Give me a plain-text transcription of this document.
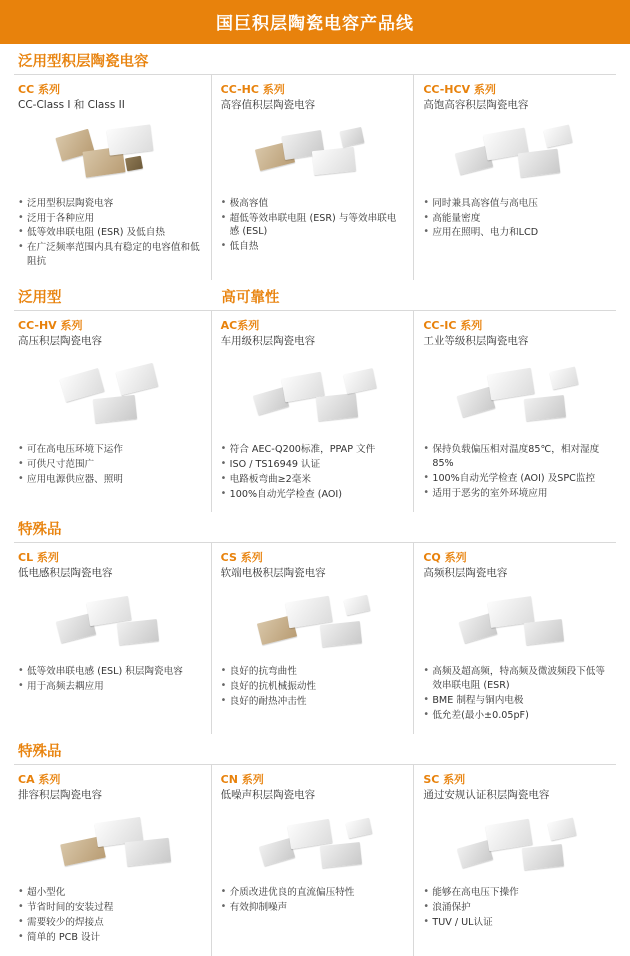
国巨积层陶瓷电容产品线
泛用型积层陶瓷电容
CC 系列
CC-Class I 和 Class II
• 泛用型积层陶瓷电容
• 泛用于各种应用
• 低等效串联电阻 (ESR) 及低自热
• 在广泛频率范围内具有稳定的电容值和低阻抗
CC-HC 系列
高容值积层陶瓷电容
• 极高容值
• 超低等效串联电阻 (ESR) 与等效串联电感 (ESL)
• 低自热
CC-HCV 系列
高饱高容积层陶瓷电容
• 同时兼具高容值与高电压
• 高能量密度
• 应用在照明、电力和LCD
泛用型	高可靠性
CC-HV 系列
高压积层陶瓷电容
• 可在高电压环境下运作
• 可供尺寸范围广
• 应用电源供应器、照明
AC系列
车用级积层陶瓷电容
• 符合 AEC-Q200标准，PPAP 文件
• ISO / TS16949 认证
• 电路板弯曲≥2毫米
• 100%自动光学检查 (AOI)
CC-IC 系列
工业等级积层陶瓷电容
• 保持负载偏压相对温度85℃，相对湿度85%
• 100%自动光学检查 (AOI) 及SPC监控
• 适用于恶劣的室外环境应用
特殊品
CL 系列
低电感积层陶瓷电容
• 低等效串联电感 (ESL) 积层陶瓷电容
• 用于高频去耦应用
CS 系列
软端电极积层陶瓷电容
• 良好的抗弯曲性
• 良好的抗机械振动性
• 良好的耐热冲击性
CQ 系列
高频积层陶瓷电容
• 高频及超高频，特高频及微波频段下低等效串联电阻 (ESR)
• BME 制程与铜内电极
• 低允差(最小±0.05pF)
特殊品
CA 系列
排容积层陶瓷电容
• 超小型化
• 节省时间的安装过程
• 需要较少的焊接点
• 简单的 PCB 设计
CN 系列
低噪声积层陶瓷电容
• 介质改进优良的直流偏压特性
• 有效抑制噪声
SC 系列
通过安规认证积层陶瓷电容
• 能够在高电压下操作
• 浪涌保护
• TUV / UL认证
